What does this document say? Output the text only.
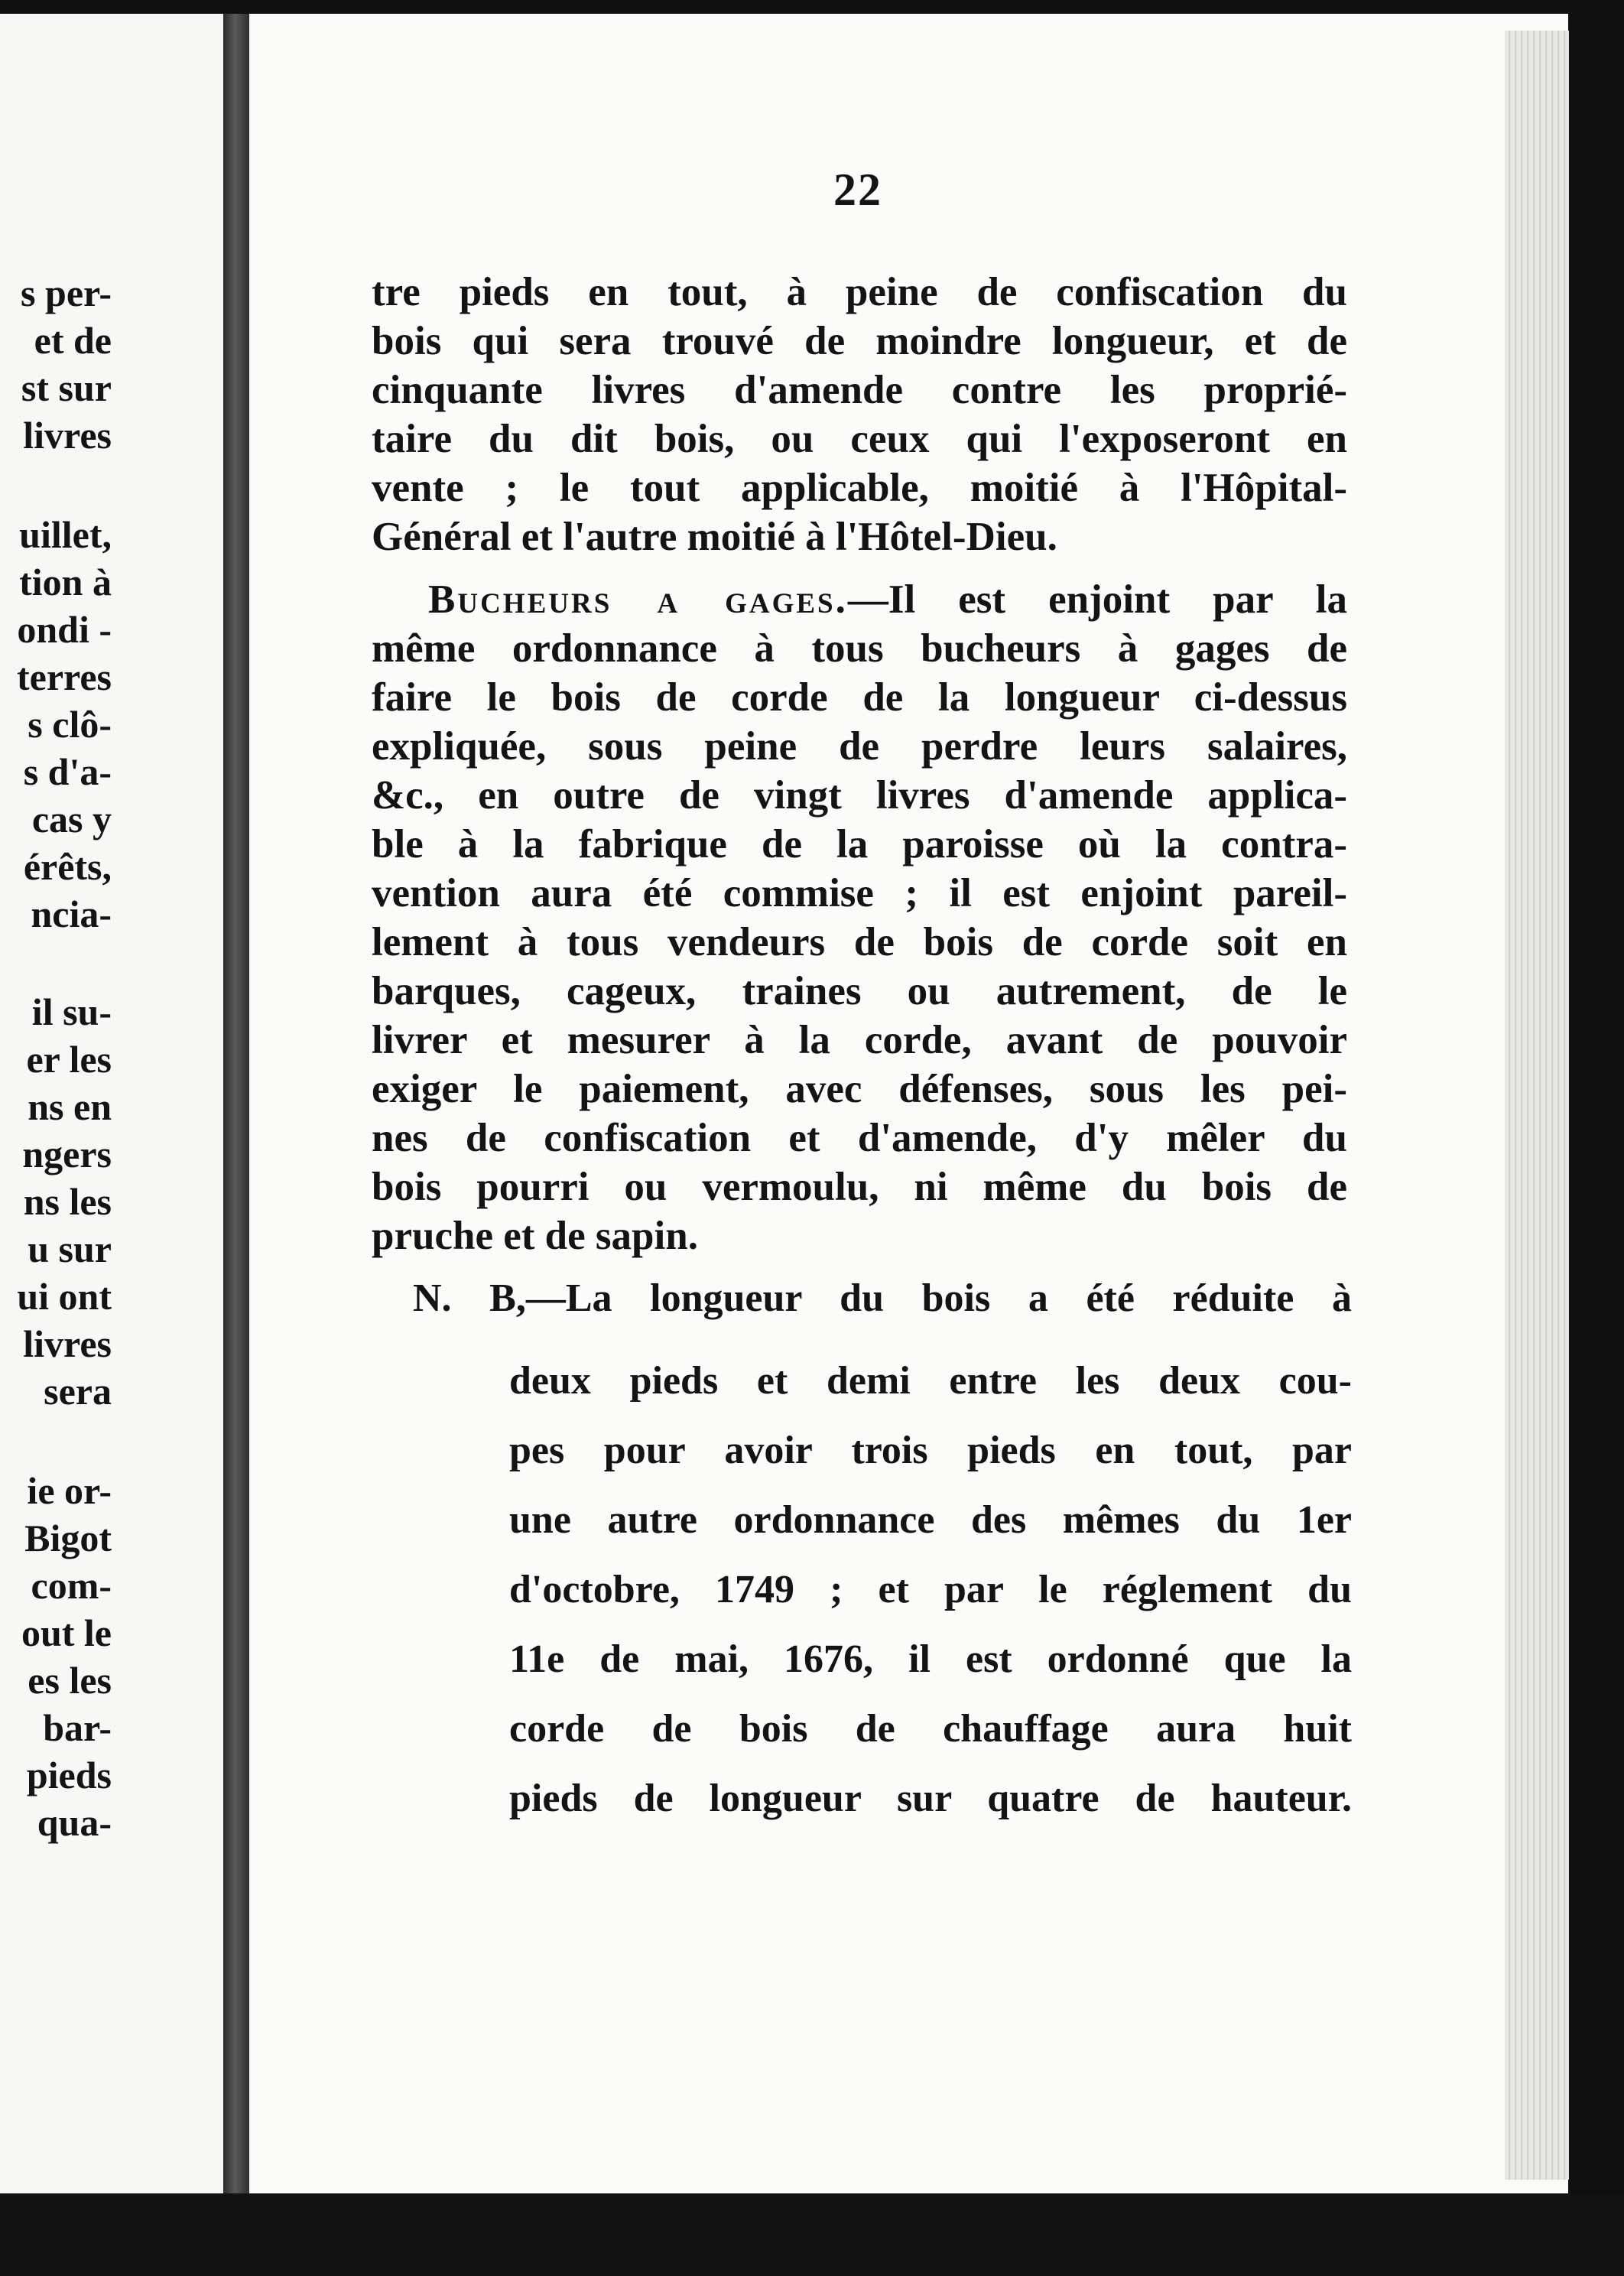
s per-
et de
st sur
livres
uillet,
tion à
ondi -
terres
s clô-
s d'a-
cas y
érêts,
ncia-
il su-
er les
ns en
ngers
ns les
u sur
ui ont
livres
sera
ie or-
Bigot
com-
out le
es les
bar-
pieds
qua-
22
tre pieds en tout, à peine de confiscation du
bois qui sera trouvé de moindre longueur, et de
cinquante livres d'amende contre les proprié-
taire du dit bois, ou ceux qui l'exposeront en
vente ; le tout applicable, moitié à l'Hôpital-
Général et l'autre moitié à l'Hôtel-Dieu.
Bucheurs a gages.—Il est enjoint par la
même ordonnance à tous bucheurs à gages de
faire le bois de corde de la longueur ci-dessus
expliquée, sous peine de perdre leurs salaires,
&c., en outre de vingt livres d'amende applica-
ble à la fabrique de la paroisse où la contra-
vention aura été commise ; il est enjoint pareil-
lement à tous vendeurs de bois de corde soit en
barques, cageux, traines ou autrement, de le
livrer et mesurer à la corde, avant de pouvoir
exiger le paiement, avec défenses, sous les pei-
nes de confiscation et d'amende, d'y mêler du
bois pourri ou vermoulu, ni même du bois de
pruche et de sapin.
N. B,—La longueur du bois a été réduite à
deux pieds et demi entre les deux cou-
pes pour avoir trois pieds en tout, par
une autre ordonnance des mêmes du 1er
d'octobre, 1749 ; et par le réglement du
11e de mai, 1676, il est ordonné que la
corde de bois de chauffage aura huit
pieds de longueur sur quatre de hauteur.
